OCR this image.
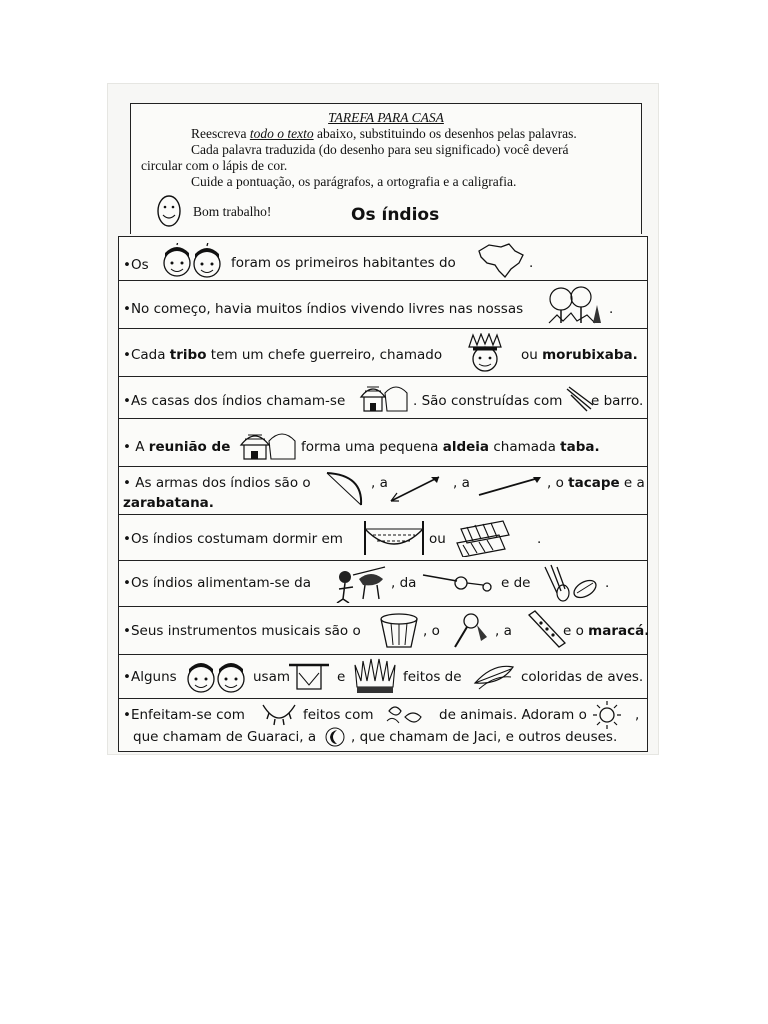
TAREFA PARA CASA
Reescreva todo o texto abaixo, substituindo os desenhos pelas palavras.
Cada palavra traduzida (do desenho para seu significado) você deverá
circular com o lápis de cor.
Cuide a pontuação, os parágrafos, a ortografia e a caligrafia.
Bom trabalho!	Os índios
•Os	foram os primeiros habitantes do	.
•No começo, havia muitos índios vivendo livres nas nossas	.
•Cada tribo tem um chefe guerreiro, chamado	ou morubixaba.
•As casas dos índios chamam-se	. São construídas com e barro.
• A reunião de	forma uma pequena aldeia chamada taba.
• As armas dos índios são o	, a	, a	, o tacape e a
zarabatana.
•Os índios costumam dormir em	ou	.
•Os índios alimentam-se da	, da	e de	.
•Seus instrumentos musicais são o	, o	, a	e o maracá.
•Alguns	usam	e	feitos de	coloridas de aves.
•Enfeitam-se com	feitos com	de animais. Adoram o	,
que chamam de Guaraci, a	, que chamam de Jaci, e outros deuses.
